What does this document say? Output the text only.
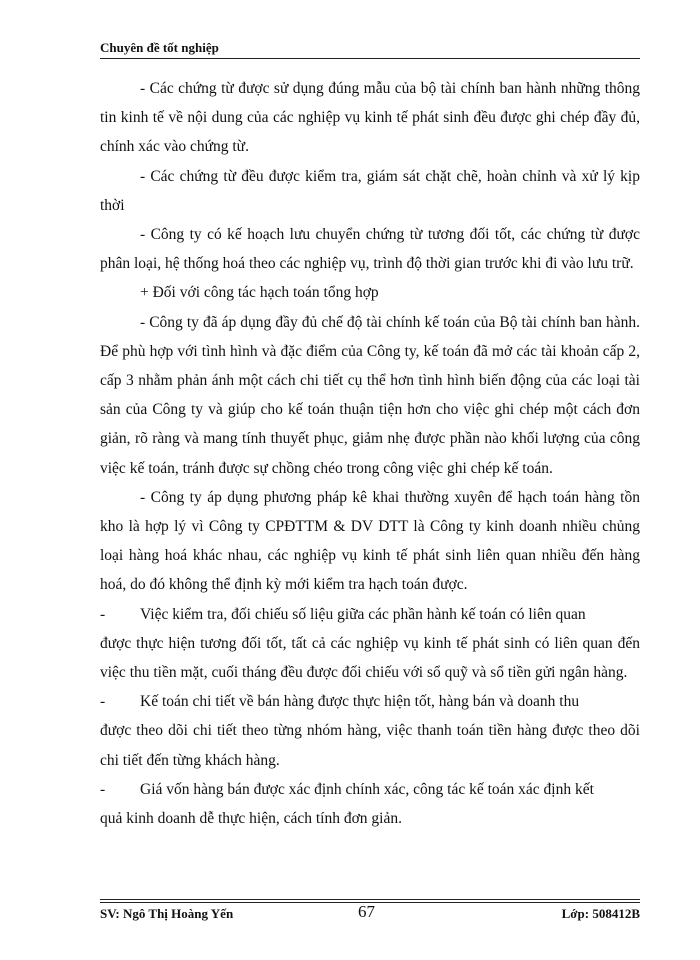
Chuyên đề tốt nghiệp

- Các chứng từ được sử dụng đúng mẫu của bộ tài chính ban hành những thông tin kinh tế về nội dung của các nghiệp vụ kinh tế phát sinh đều được ghi chép đầy đủ, chính xác vào chứng từ.

- Các chứng từ đều được kiểm tra, giám sát chặt chẽ, hoàn chỉnh và xử lý kịp thời

- Công ty có kế hoạch lưu chuyển chứng từ tương đối tốt, các chứng từ được phân loại, hệ thống hoá theo các nghiệp vụ, trình độ thời gian trước khi đi vào lưu trữ.

+ Đối với công tác hạch toán tổng hợp

- Công ty đã áp dụng đầy đủ chế độ tài chính kế toán của Bộ tài chính ban hành. Để phù hợp với tình hình và đặc điểm của Công ty, kế toán đã mở các tài khoản cấp 2, cấp 3 nhằm phản ánh một cách chi tiết cụ thể hơn tình hình biến động của các loại tài sản của Công ty và giúp cho kế toán thuận tiện hơn cho việc ghi chép một cách đơn giản, rõ ràng và mang tính thuyết phục, giảm nhẹ được phần nào khối lượng của công việc kế toán, tránh được sự chồng chéo trong công việc ghi chép kế toán.

- Công ty áp dụng phương pháp kê khai thường xuyên để hạch toán hàng tồn kho là hợp lý vì Công ty CPĐTTM & DV DTT là Công ty kinh doanh nhiều chủng loại hàng hoá khác nhau, các nghiệp vụ kinh tế phát sinh liên quan nhiều đến hàng hoá, do đó không thể định kỳ mới kiểm tra hạch toán được.

-	Việc kiểm tra, đối chiếu số liệu giữa các phần hành kế toán có liên quan

được thực hiện tương đối tốt, tất cả các nghiệp vụ kinh tế phát sinh có liên quan đến việc thu tiền mặt, cuối tháng đều được đối chiếu với sổ quỹ và sổ tiền gửi ngân hàng.

-	Kế toán chi tiết về bán hàng được thực hiện tốt, hàng bán và doanh thu

được theo dõi chi tiết theo từng nhóm hàng, việc thanh toán tiền hàng được theo dõi chi tiết đến từng khách hàng.

-	Giá vốn hàng bán được xác định chính xác, công tác kế toán xác định kết

quả kinh doanh dễ thực hiện, cách tính đơn giản.

SV: Ngô Thị Hoàng Yến	67	Lớp: 508412B
